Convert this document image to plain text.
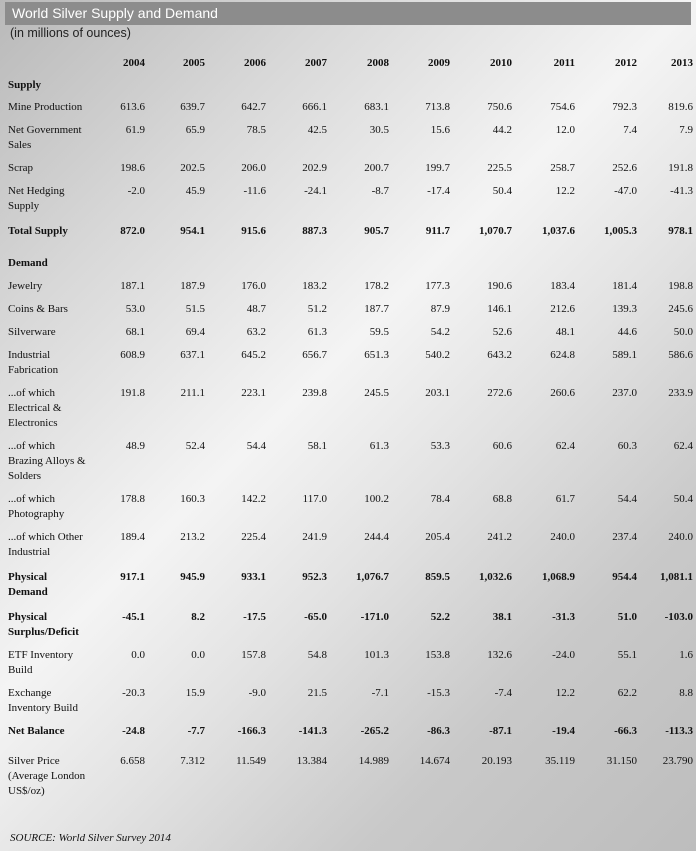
World Silver Supply and Demand
(in millions of ounces)
	2004	2005	2006	2007	2008	2009	2010	2011	2012	2013
Supply										
Mine Production	613.6	639.7	642.7	666.1	683.1	713.8	750.6	754.6	792.3	819.6
Net Government Sales	61.9	65.9	78.5	42.5	30.5	15.6	44.2	12.0	7.4	7.9
Scrap	198.6	202.5	206.0	202.9	200.7	199.7	225.5	258.7	252.6	191.8
Net Hedging Supply	-2.0	45.9	-11.6	-24.1	-8.7	-17.4	50.4	12.2	-47.0	-41.3
Total Supply	872.0	954.1	915.6	887.3	905.7	911.7	1,070.7	1,037.6	1,005.3	978.1
Demand										
Jewelry	187.1	187.9	176.0	183.2	178.2	177.3	190.6	183.4	181.4	198.8
Coins & Bars	53.0	51.5	48.7	51.2	187.7	87.9	146.1	212.6	139.3	245.6
Silverware	68.1	69.4	63.2	61.3	59.5	54.2	52.6	48.1	44.6	50.0
Industrial Fabrication	608.9	637.1	645.2	656.7	651.3	540.2	643.2	624.8	589.1	586.6
...of which Electrical & Electronics	191.8	211.1	223.1	239.8	245.5	203.1	272.6	260.6	237.0	233.9
...of which Brazing Alloys & Solders	48.9	52.4	54.4	58.1	61.3	53.3	60.6	62.4	60.3	62.4
...of which Photography	178.8	160.3	142.2	117.0	100.2	78.4	68.8	61.7	54.4	50.4
...of which Other Industrial	189.4	213.2	225.4	241.9	244.4	205.4	241.2	240.0	237.4	240.0
Physical Demand	917.1	945.9	933.1	952.3	1,076.7	859.5	1,032.6	1,068.9	954.4	1,081.1
Physical Surplus/Deficit	-45.1	8.2	-17.5	-65.0	-171.0	52.2	38.1	-31.3	51.0	-103.0
ETF Inventory Build	0.0	0.0	157.8	54.8	101.3	153.8	132.6	-24.0	55.1	1.6
Exchange Inventory Build	-20.3	15.9	-9.0	21.5	-7.1	-15.3	-7.4	12.2	62.2	8.8
Net Balance	-24.8	-7.7	-166.3	-141.3	-265.2	-86.3	-87.1	-19.4	-66.3	-113.3
Silver Price (Average London US$/oz)	6.658	7.312	11.549	13.384	14.989	14.674	20.193	35.119	31.150	23.790
SOURCE: World Silver Survey 2014
